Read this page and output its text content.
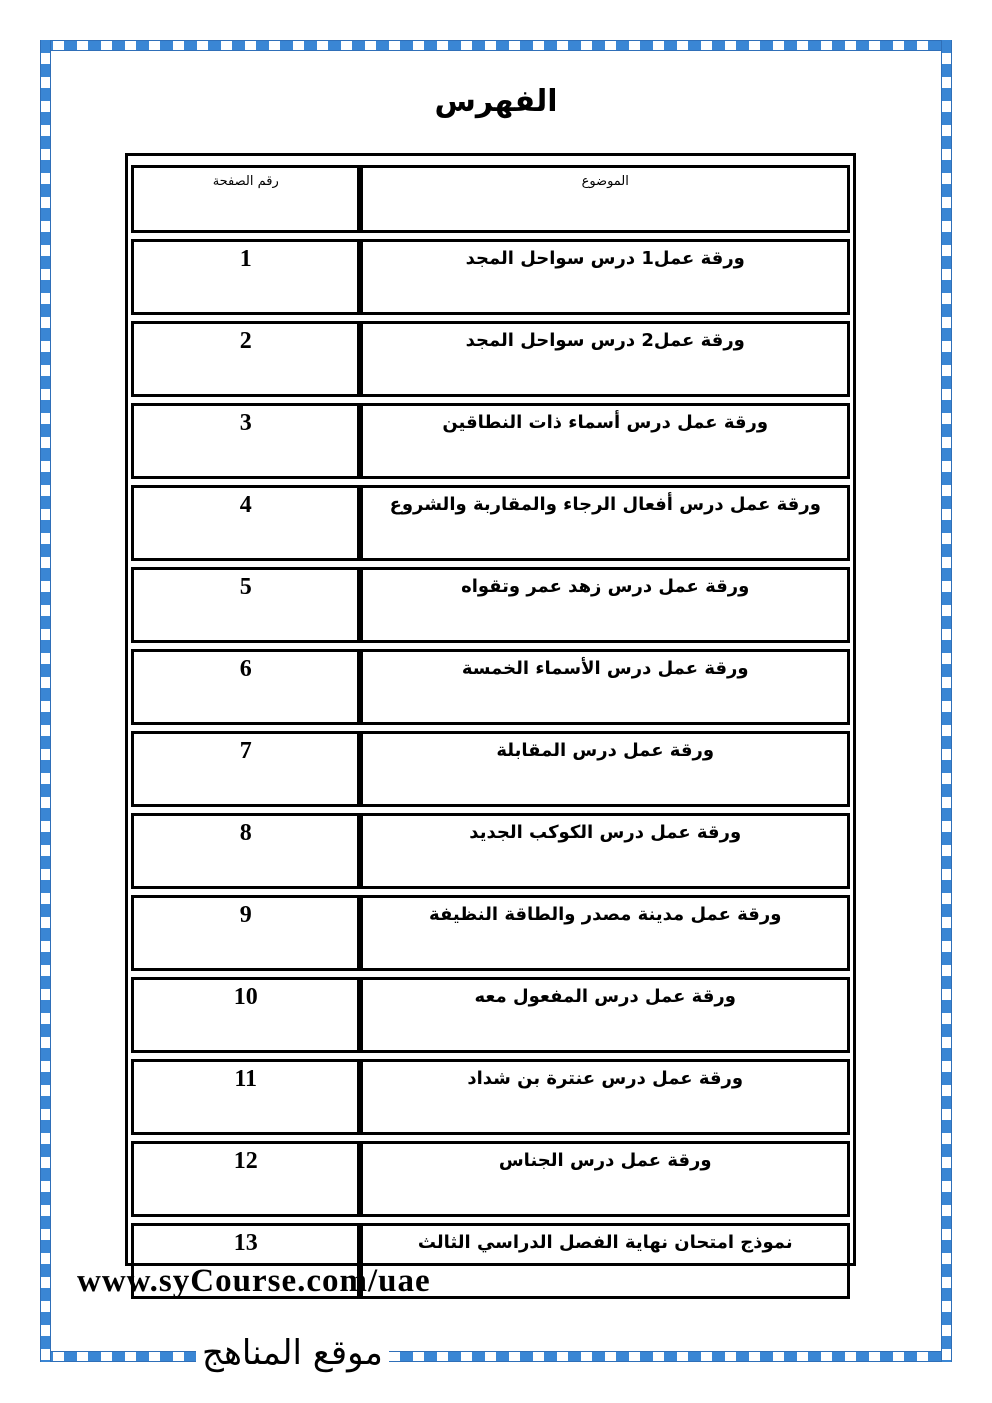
الفهرس
الموضوع	رقم الصفحة
ورقة عمل1 درس سواحل المجد	1
ورقة عمل2 درس سواحل المجد	2
ورقة عمل درس أسماء ذات النطاقين	3
ورقة عمل درس أفعال الرجاء والمقاربة والشروع	4
ورقة عمل درس زهد عمر وتقواه	5
ورقة عمل درس الأسماء الخمسة	6
ورقة عمل درس المقابلة	7
ورقة عمل درس الكوكب الجديد	8
ورقة عمل مدينة مصدر والطاقة النظيفة	9
ورقة عمل درس المفعول معه	10
ورقة عمل درس عنترة بن شداد	11
ورقة عمل درس الجناس	12
نموذج امتحان نهاية الفصل الدراسي الثالث	13
www.syCourse.com/uae
موقع المناهج
